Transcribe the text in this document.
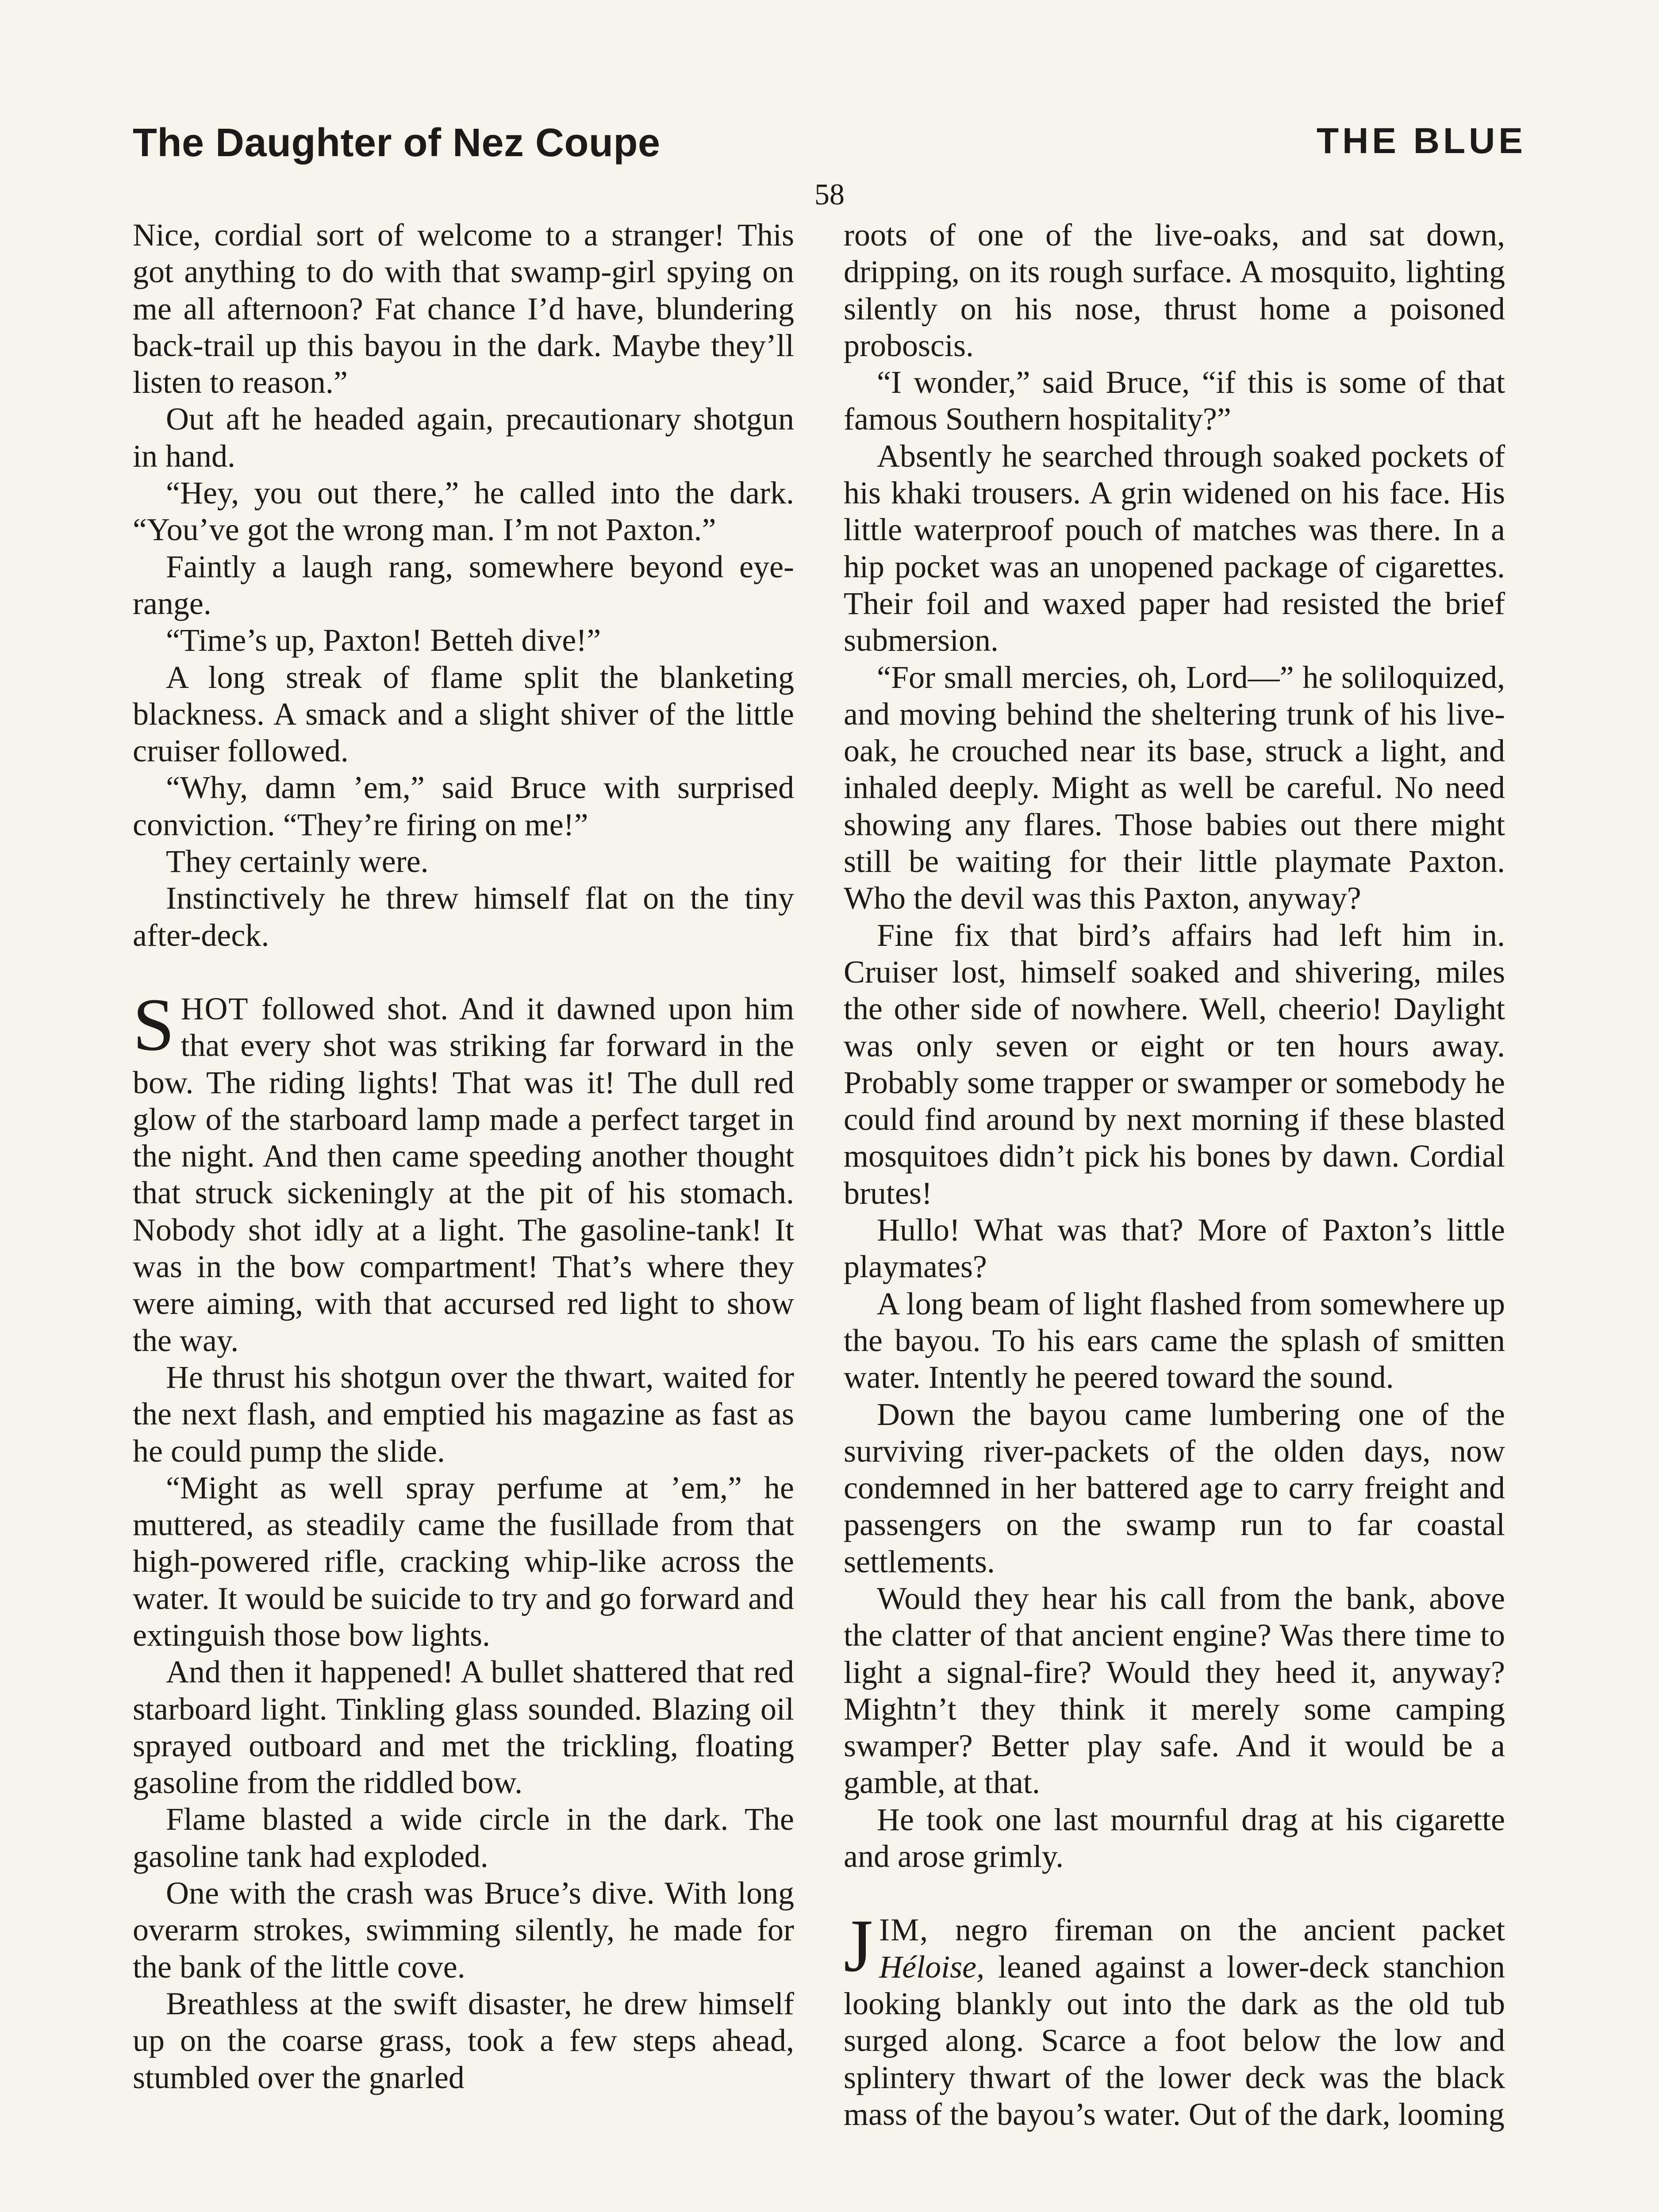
The Daughter of Nez Coupe	THE BLUE
58

Nice, cordial sort of welcome to a stranger! This got anything to do with that swamp-girl spying on me all afternoon? Fat chance I’d have, blundering back-trail up this bayou in the dark. Maybe they’ll listen to reason.”

Out aft he headed again, precautionary shotgun in hand.

“Hey, you out there,” he called into the dark. “You’ve got the wrong man. I’m not Paxton.”

Faintly a laugh rang, somewhere beyond eye-range.

“Time’s up, Paxton! Betteh dive!”

A long streak of flame split the blanketing blackness. A smack and a slight shiver of the little cruiser followed.

“Why, damn ’em,” said Bruce with surprised conviction. “They’re firing on me!”

They certainly were.

Instinctively he threw himself flat on the tiny after-deck.

SHOT followed shot. And it dawned upon him that every shot was striking far forward in the bow. The riding lights! That was it! The dull red glow of the starboard lamp made a perfect target in the night. And then came speeding another thought that struck sickeningly at the pit of his stomach. Nobody shot idly at a light. The gasoline-tank! It was in the bow compartment! That’s where they were aiming, with that accursed red light to show the way.

He thrust his shotgun over the thwart, waited for the next flash, and emptied his magazine as fast as he could pump the slide.

“Might as well spray perfume at ’em,” he muttered, as steadily came the fusillade from that high-powered rifle, cracking whip-like across the water. It would be suicide to try and go forward and extinguish those bow lights.

And then it happened! A bullet shattered that red starboard light. Tinkling glass sounded. Blazing oil sprayed outboard and met the trickling, floating gasoline from the riddled bow.

Flame blasted a wide circle in the dark. The gasoline tank had exploded.

One with the crash was Bruce’s dive. With long overarm strokes, swimming silently, he made for the bank of the little cove.

Breathless at the swift disaster, he drew himself up on the coarse grass, took a few steps ahead, stumbled over the gnarled

roots of one of the live-oaks, and sat down, dripping, on its rough surface. A mosquito, lighting silently on his nose, thrust home a poisoned proboscis.

“I wonder,” said Bruce, “if this is some of that famous Southern hospitality?”

Absently he searched through soaked pockets of his khaki trousers. A grin widened on his face. His little waterproof pouch of matches was there. In a hip pocket was an unopened package of cigarettes. Their foil and waxed paper had resisted the brief submersion.

“For small mercies, oh, Lord—” he soliloquized, and moving behind the sheltering trunk of his live-oak, he crouched near its base, struck a light, and inhaled deeply. Might as well be careful. No need showing any flares. Those babies out there might still be waiting for their little playmate Paxton. Who the devil was this Paxton, anyway?

Fine fix that bird’s affairs had left him in. Cruiser lost, himself soaked and shivering, miles the other side of nowhere. Well, cheerio! Daylight was only seven or eight or ten hours away. Probably some trapper or swamper or somebody he could find around by next morning if these blasted mosquitoes didn’t pick his bones by dawn. Cordial brutes!

Hullo! What was that? More of Paxton’s little playmates?

A long beam of light flashed from somewhere up the bayou. To his ears came the splash of smitten water. Intently he peered toward the sound.

Down the bayou came lumbering one of the surviving river-packets of the olden days, now condemned in her battered age to carry freight and passengers on the swamp run to far coastal settlements.

Would they hear his call from the bank, above the clatter of that ancient engine? Was there time to light a signal-fire? Would they heed it, anyway? Mightn’t they think it merely some camping swamper? Better play safe. And it would be a gamble, at that.

He took one last mournful drag at his cigarette and arose grimly.

JIM, negro fireman on the ancient packet Héloise, leaned against a lower-deck stanchion looking blankly out into the dark as the old tub surged along. Scarce a foot below the low and splintery thwart of the lower deck was the black mass of the bayou’s water. Out of the dark, looming
